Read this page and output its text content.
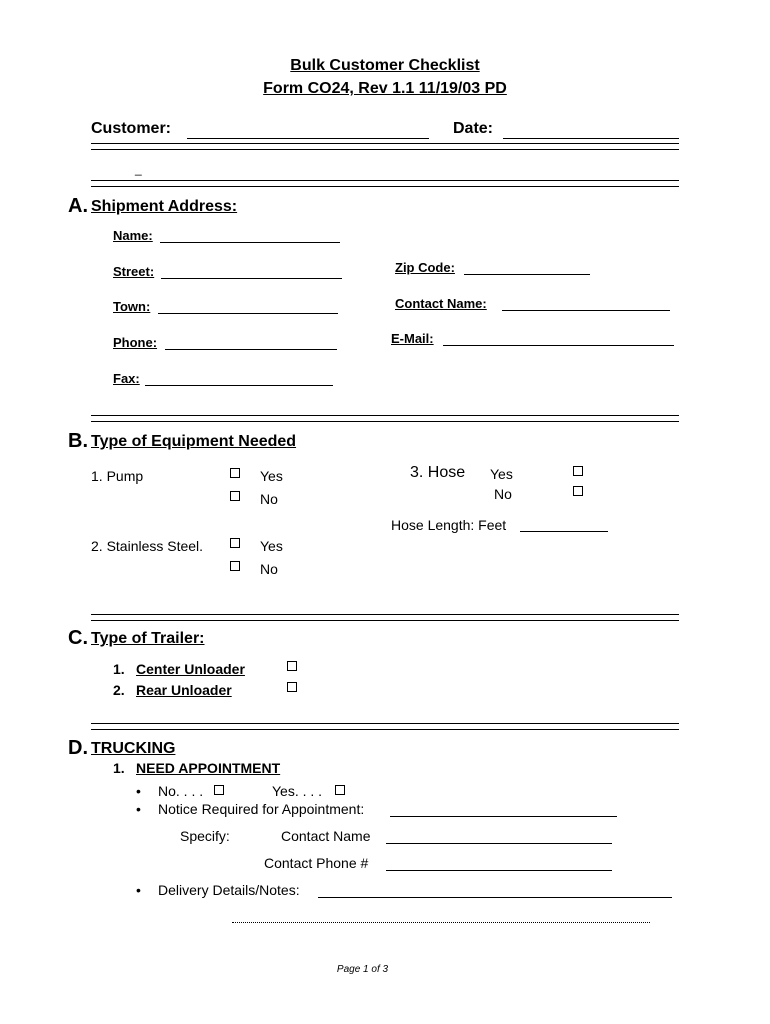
Bulk Customer Checklist
Form CO24, Rev 1.1 11/19/03 PD
Customer:	Date:
_
A. Shipment Address:
Name:
Street:
Town:
Phone:
Fax:
Zip Code:
Contact Name:
E-Mail:
B. Type of Equipment Needed
1. Pump	Yes
No
2. Stainless Steel.	Yes
No
3. Hose Yes
No
Hose Length: Feet
C. Type of Trailer:
1. Center Unloader
2. Rear Unloader
D. TRUCKING
1. NEED APPOINTMENT
• No. . . .	Yes. . . .
• Notice Required for Appointment:
Specify:	Contact Name
Contact Phone #
• Delivery Details/Notes:
Page 1 of 3
